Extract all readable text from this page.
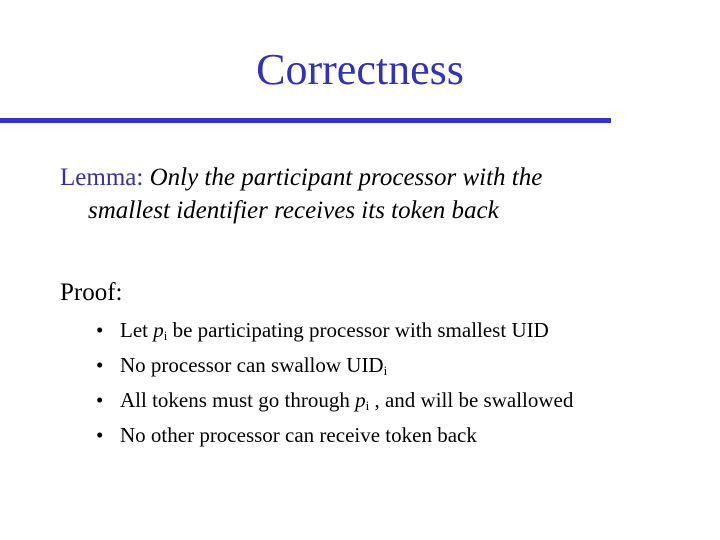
Correctness
Lemma: Only the participant processor with the
smallest identifier receives its token back
Proof:
• Let $p_i$ be participating processor with smallest UID
• No processor can swallow $UID_i$
• All tokens must go through $p_i$ , and will be swallowed
• No other processor can receive token back
